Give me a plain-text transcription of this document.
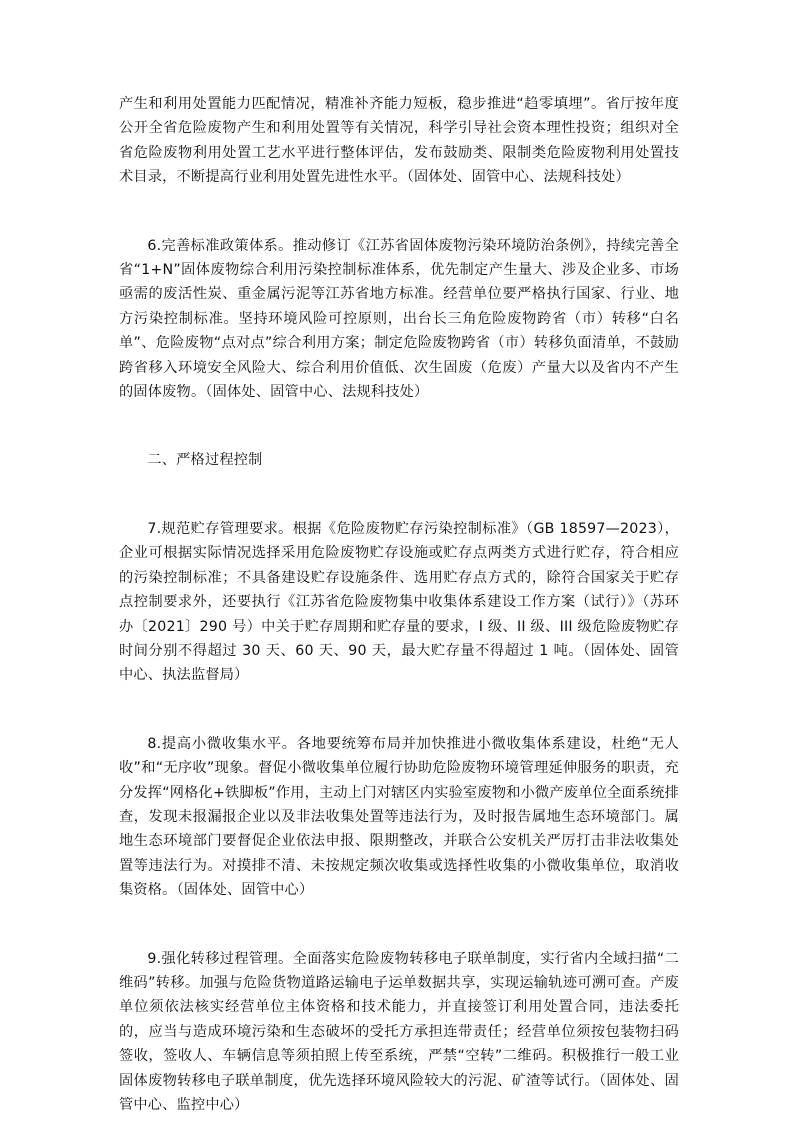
产生和利用处置能力匹配情况，精准补齐能力短板，稳步推进“趋零填埋”。省厅按年度公开全省危险废物产生和利用处置等有关情况，科学引导社会资本理性投资；组织对全省危险废物利用处置工艺水平进行整体评估，发布鼓励类、限制类危险废物利用处置技术目录，不断提高行业利用处置先进性水平。（固体处、固管中心、法规科技处）

6.完善标准政策体系。推动修订《江苏省固体废物污染环境防治条例》，持续完善全省“1+N”固体废物综合利用污染控制标准体系，优先制定产生量大、涉及企业多、市场亟需的废活性炭、重金属污泥等江苏省地方标准。经营单位要严格执行国家、行业、地方污染控制标准。坚持环境风险可控原则，出台长三角危险废物跨省（市）转移“白名单”、危险废物“点对点”综合利用方案；制定危险废物跨省（市）转移负面清单，不鼓励跨省移入环境安全风险大、综合利用价值低、次生固废（危废）产量大以及省内不产生的固体废物。（固体处、固管中心、法规科技处）

二、严格过程控制

7.规范贮存管理要求。根据《危险废物贮存污染控制标准》（GB 18597—2023），企业可根据实际情况选择采用危险废物贮存设施或贮存点两类方式进行贮存，符合相应的污染控制标准；不具备建设贮存设施条件、选用贮存点方式的，除符合国家关于贮存点控制要求外，还要执行《江苏省危险废物集中收集体系建设工作方案（试行）》（苏环办〔2021〕290 号）中关于贮存周期和贮存量的要求，I 级、II 级、III 级危险废物贮存时间分别不得超过 30 天、60 天、90 天，最大贮存量不得超过 1 吨。（固体处、固管中心、执法监督局）

8.提高小微收集水平。各地要统筹布局并加快推进小微收集体系建设，杜绝“无人收”和“无序收”现象。督促小微收集单位履行协助危险废物环境管理延伸服务的职责，充分发挥“网格化+铁脚板”作用，主动上门对辖区内实验室废物和小微产废单位全面系统排查，发现未报漏报企业以及非法收集处置等违法行为，及时报告属地生态环境部门。属地生态环境部门要督促企业依法申报、限期整改，并联合公安机关严厉打击非法收集处置等违法行为。对摸排不清、未按规定频次收集或选择性收集的小微收集单位，取消收集资格。（固体处、固管中心）

9.强化转移过程管理。全面落实危险废物转移电子联单制度，实行省内全域扫描“二维码”转移。加强与危险货物道路运输电子运单数据共享，实现运输轨迹可溯可查。产废单位须依法核实经营单位主体资格和技术能力，并直接签订利用处置合同，违法委托的，应当与造成环境污染和生态破坏的受托方承担连带责任；经营单位须按包装物扫码签收，签收人、车辆信息等须拍照上传至系统，严禁“空转”二维码。积极推行一般工业固体废物转移电子联单制度，优先选择环境风险较大的污泥、矿渣等试行。（固体处、固管中心、监控中心）
